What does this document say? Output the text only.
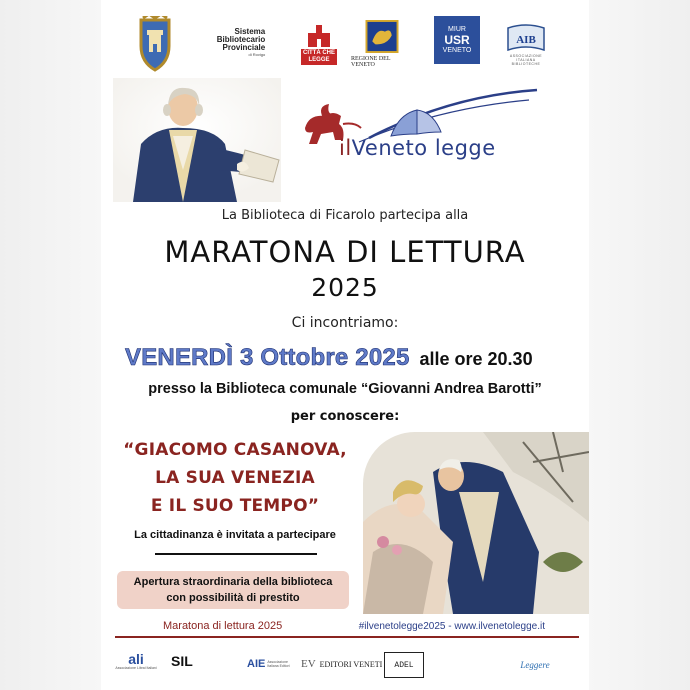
Sistema
Bibliotecario
Provinciale
di Rovigo	CITTÀ CHE LEGGE	REGIONE DEL VENETO
MIUR
USR
VENETO
AIB
ASSOCIAZIONE ITALIANA BIBLIOTECHE
ilVeneto legge
La Biblioteca di Ficarolo partecipa alla
MARATONA DI LETTURA
2025
Ci incontriamo:
VENERDÌ 3 Ottobre 2025 alle ore 20.30
presso la Biblioteca comunale “Giovanni Andrea Barotti”
per conoscere:
“GIACOMO CASANOVA,
LA SUA VENEZIA
E IL SUO TEMPO”
La cittadinanza è invitata a partecipare
Apertura straordinaria della biblioteca
con possibilità di prestito
Maratona di lettura 2025	#ilvenetolegge2025 - www.ilvenetolegge.it
ali
Associazione Librai Italiani SIL	AIE Associazione Italiana Editori EV EDITORI VENETI ADEL	Leggere
